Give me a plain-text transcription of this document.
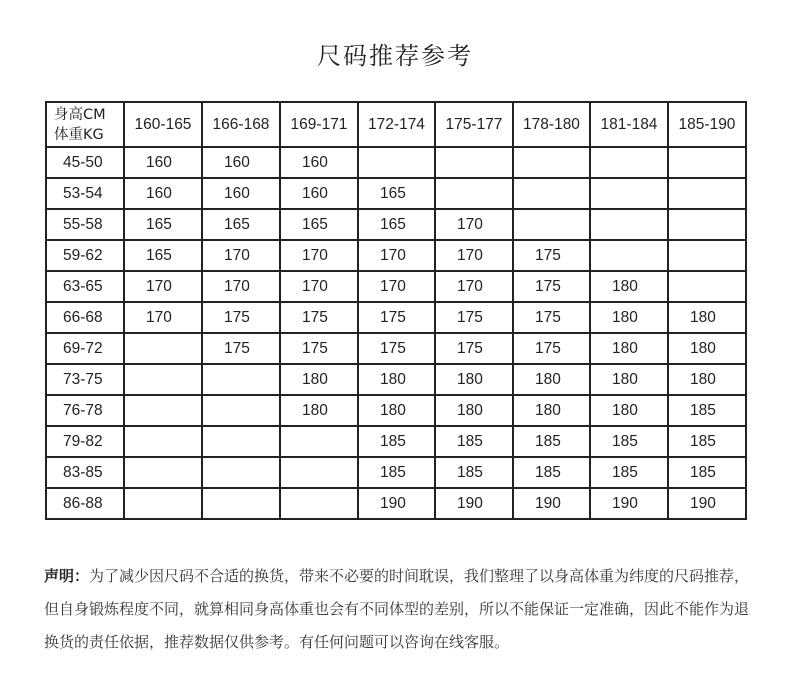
尺码推荐参考
身高CM
体重KG	160-165	166-168	169-171	172-174	175-177	178-180	181-184	185-190
45-50	160	160	160					
53-54	160	160	160	165				
55-58	165	165	165	165	170			
59-62	165	170	170	170	170	175		
63-65	170	170	170	170	170	175	180	
66-68	170	175	175	175	175	175	180	180
69-72		175	175	175	175	175	180	180
73-75			180	180	180	180	180	180
76-78			180	180	180	180	180	185
79-82				185	185	185	185	185
83-85				185	185	185	185	185
86-88				190	190	190	190	190
声明：为了减少因尺码不合适的换货，带来不必要的时间耽误，我们整理了以身高体重为纬度的尺码推荐，但自身锻炼程度不同，就算相同身高体重也会有不同体型的差别，所以不能保证一定准确，因此不能作为退换货的责任依据，推荐数据仅供参考。有任何问题可以咨询在线客服。
